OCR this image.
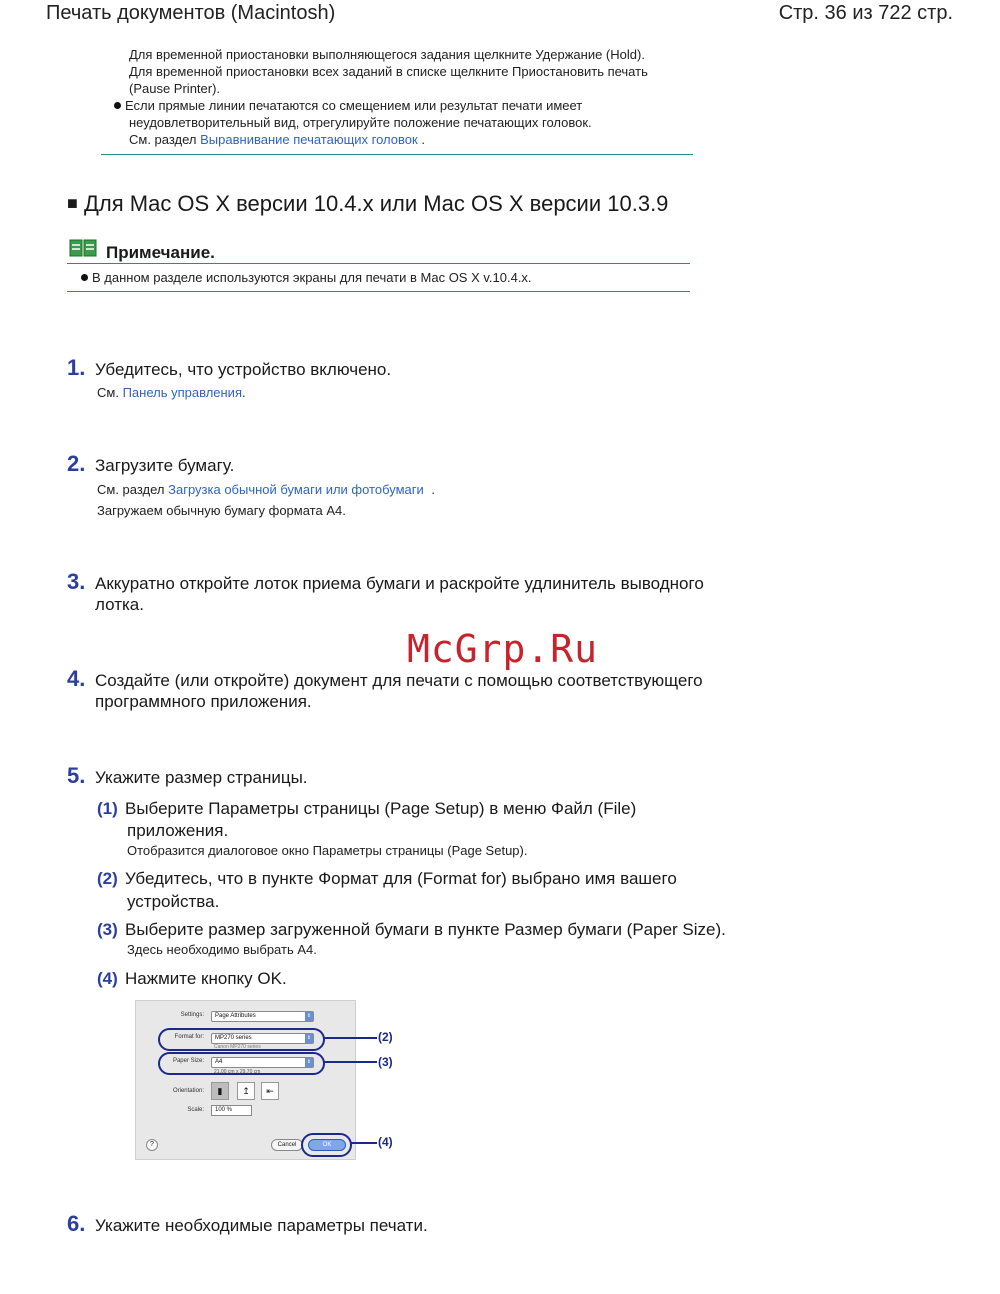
Печать документов (Macintosh)	Стр. 36 из 722 стр.
Для временной приостановки выполняющегося задания щелкните Удержание (Hold).
Для временной приостановки всех заданий в списке щелкните Приостановить печать
(Pause Printer).
Если прямые линии печатаются со смещением или результат печати имеет
неудовлетворительный вид, отрегулируйте положение печатающих головок.
См. раздел Выравнивание печатающих головок .
■ Для Mac OS X версии 10.4.x или Mac OS X версии 10.3.9
Примечание.
В данном разделе используются экраны для печати в Mac OS X v.10.4.x.
1. Убедитесь, что устройство включено.
См. Панель управления.
2. Загрузите бумагу.
См. раздел Загрузка обычной бумаги или фотобумаги .
Загружаем обычную бумагу формата A4.
3. Аккуратно откройте лоток приема бумаги и раскройте удлинитель выводного
лотка.
McGrp.Ru
4. Создайте (или откройте) документ для печати с помощью соответствующего
программного приложения.
5. Укажите размер страницы.
(1) Выберите Параметры страницы (Page Setup) в меню Файл (File)
приложения.
Отобразится диалоговое окно Параметры страницы (Page Setup).
(2) Убедитесь, что в пункте Формат для (Format for) выбрано имя вашего
устройства.
(3) Выберите размер загруженной бумаги в пункте Размер бумаги (Paper Size).
Здесь необходимо выбрать A4.
(4) Нажмите кнопку OK.
Settings:	Page Attributes	⇕
Format for:	MP270 series	⇕
Canon MP270 series
Paper Size:	A4	⇕
21.00 cm x 29.70 cm
Orientation:	▮	↥	⇤
Scale:	100 %
?	Cancel	OK
(2)
(3)
(4)
6. Укажите необходимые параметры печати.
